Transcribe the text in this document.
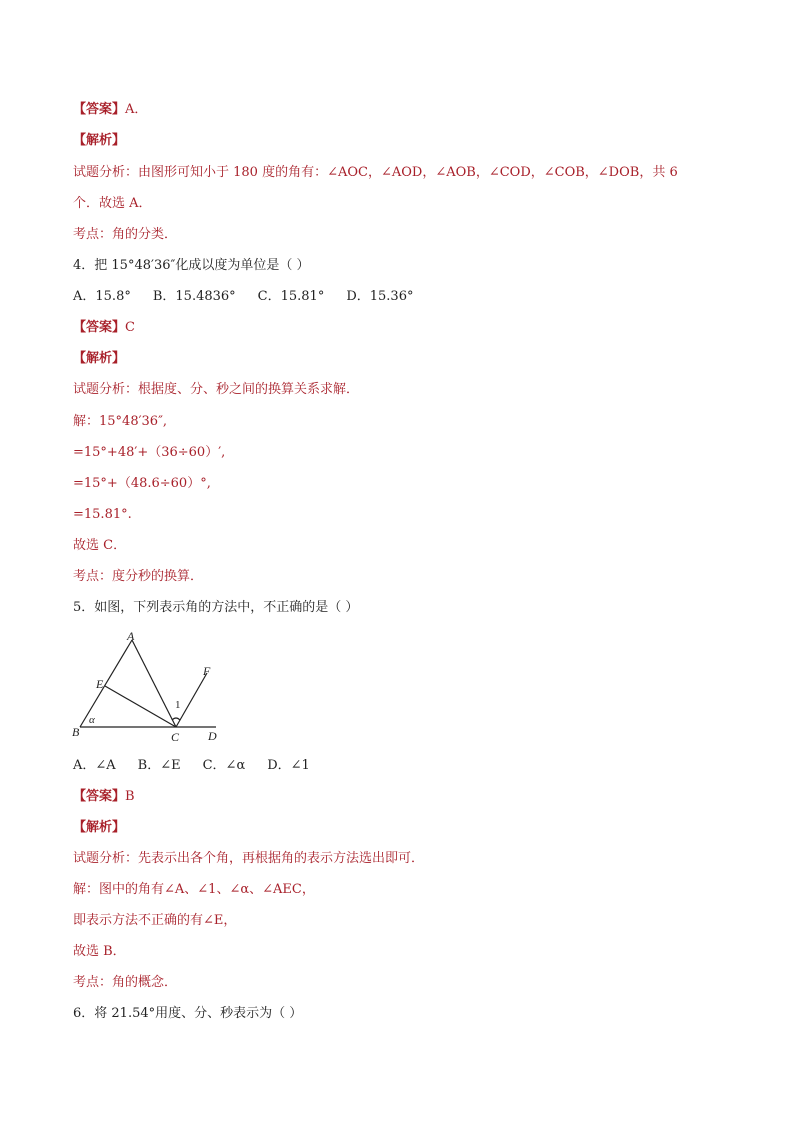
【答案】A．
【解析】
试题分析：由图形可知小于 180 度的角有：∠AOC，∠AOD，∠AOB，∠COD，∠COB，∠DOB，共 6
个．故选 A．
考点：角的分类．
4．把 15°48′36″化成以度为单位是（ ）
A．15.8° B．15.4836° C．15.81° D．15.36°
【答案】C
【解析】
试题分析：根据度、分、秒之间的换算关系求解．
解：15°48′36″,
=15°+48′+（36÷60）′,
=15°+（48.6÷60）°,
=15.81°.
故选 C．
考点：度分秒的换算．
5．如图，下列表示角的方法中，不正确的是（ ）
A
E
B
α
C D
F
1
A．∠A B．∠E C．∠α D．∠1
【答案】B
【解析】
试题分析：先表示出各个角，再根据角的表示方法选出即可．
解：图中的角有∠A、∠1、∠α、∠AEC，
即表示方法不正确的有∠E，
故选 B．
考点：角的概念．
6．将 21.54°用度、分、秒表示为（ ）
